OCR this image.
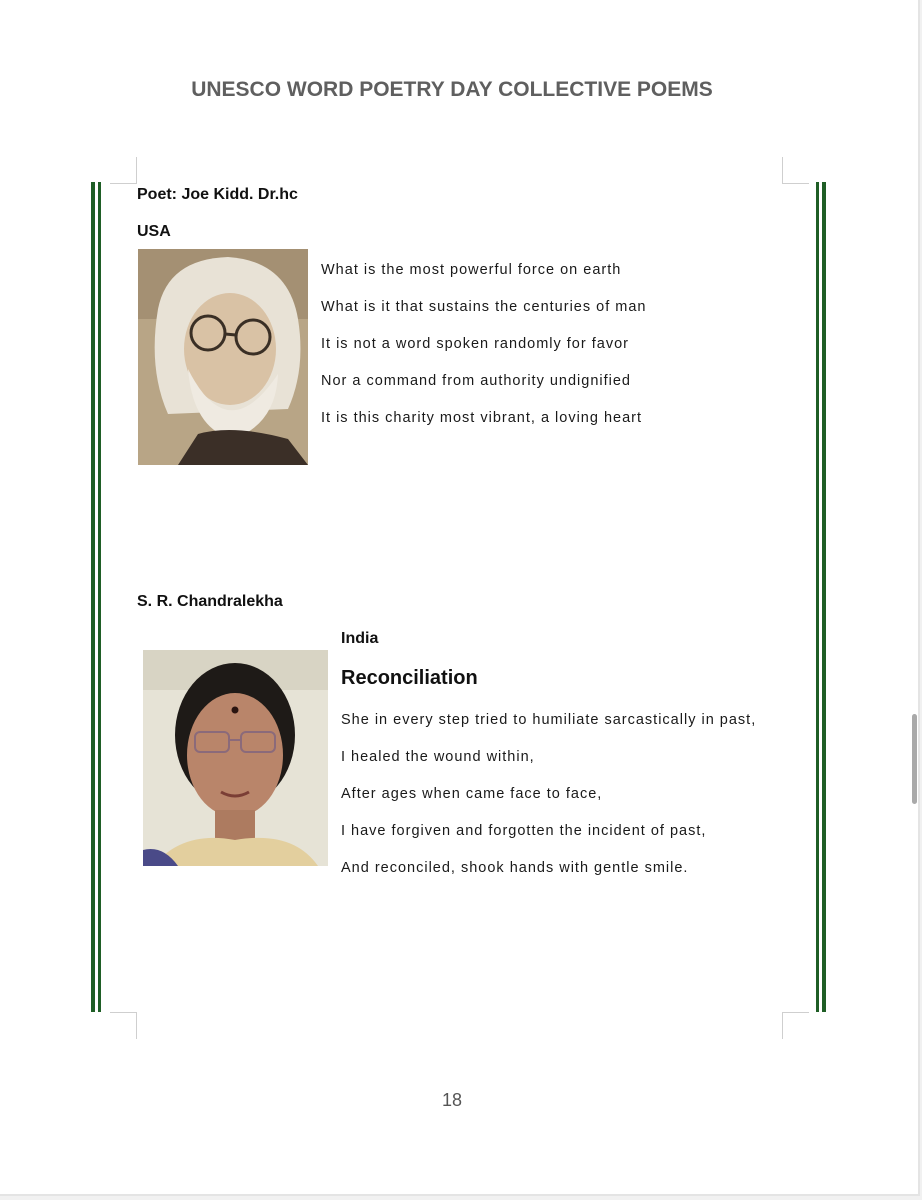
UNESCO WORD POETRY DAY COLLECTIVE POEMS
Poet: Joe Kidd. Dr.hc
USA
What is the most powerful force on earth
What is it that sustains the centuries of man
It is not a word spoken randomly for favor
Nor a command from authority undignified
It is this charity most vibrant, a loving heart
S. R. Chandralekha
India
Reconciliation
She in every step tried to humiliate sarcastically in past,
I healed the wound within,
After ages when came face to face,
I have forgiven and forgotten the incident of past,
And reconciled, shook hands with gentle smile.
18
